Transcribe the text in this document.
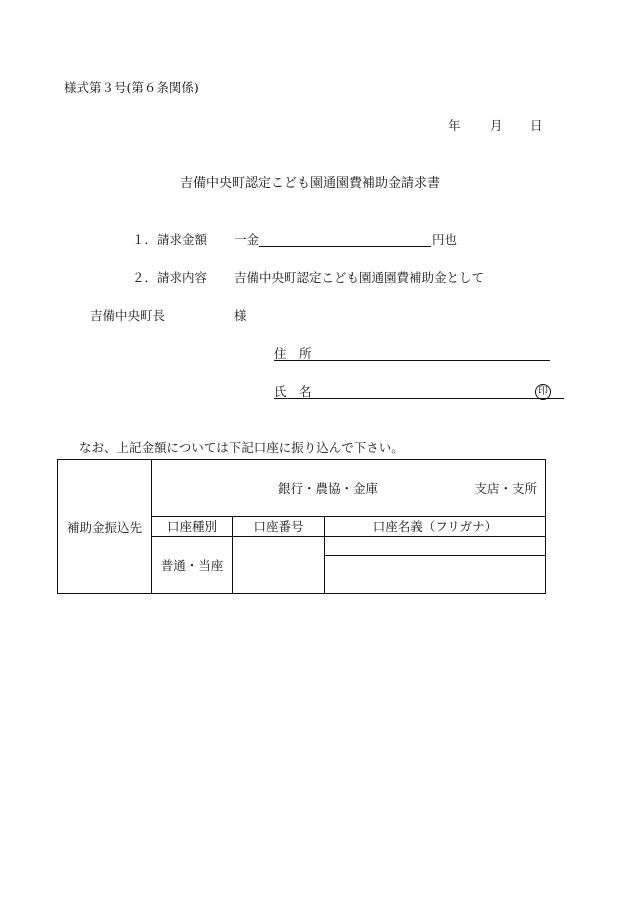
様式第３号(第６条関係)
年 月 日
吉備中央町認定こども園通園費補助金請求書
１．請求金額 一金	円也
２．請求内容 吉備中央町認定こども園通園費補助金として
吉備中央町長	様
住　所
氏　名	印
なお、上記金額については下記口座に振り込んで下さい。
補助金振込先	銀行・農協・金庫 支店・支所		

	口座種別	口座番号	口座名義（フリガナ）
	普通・当座		
